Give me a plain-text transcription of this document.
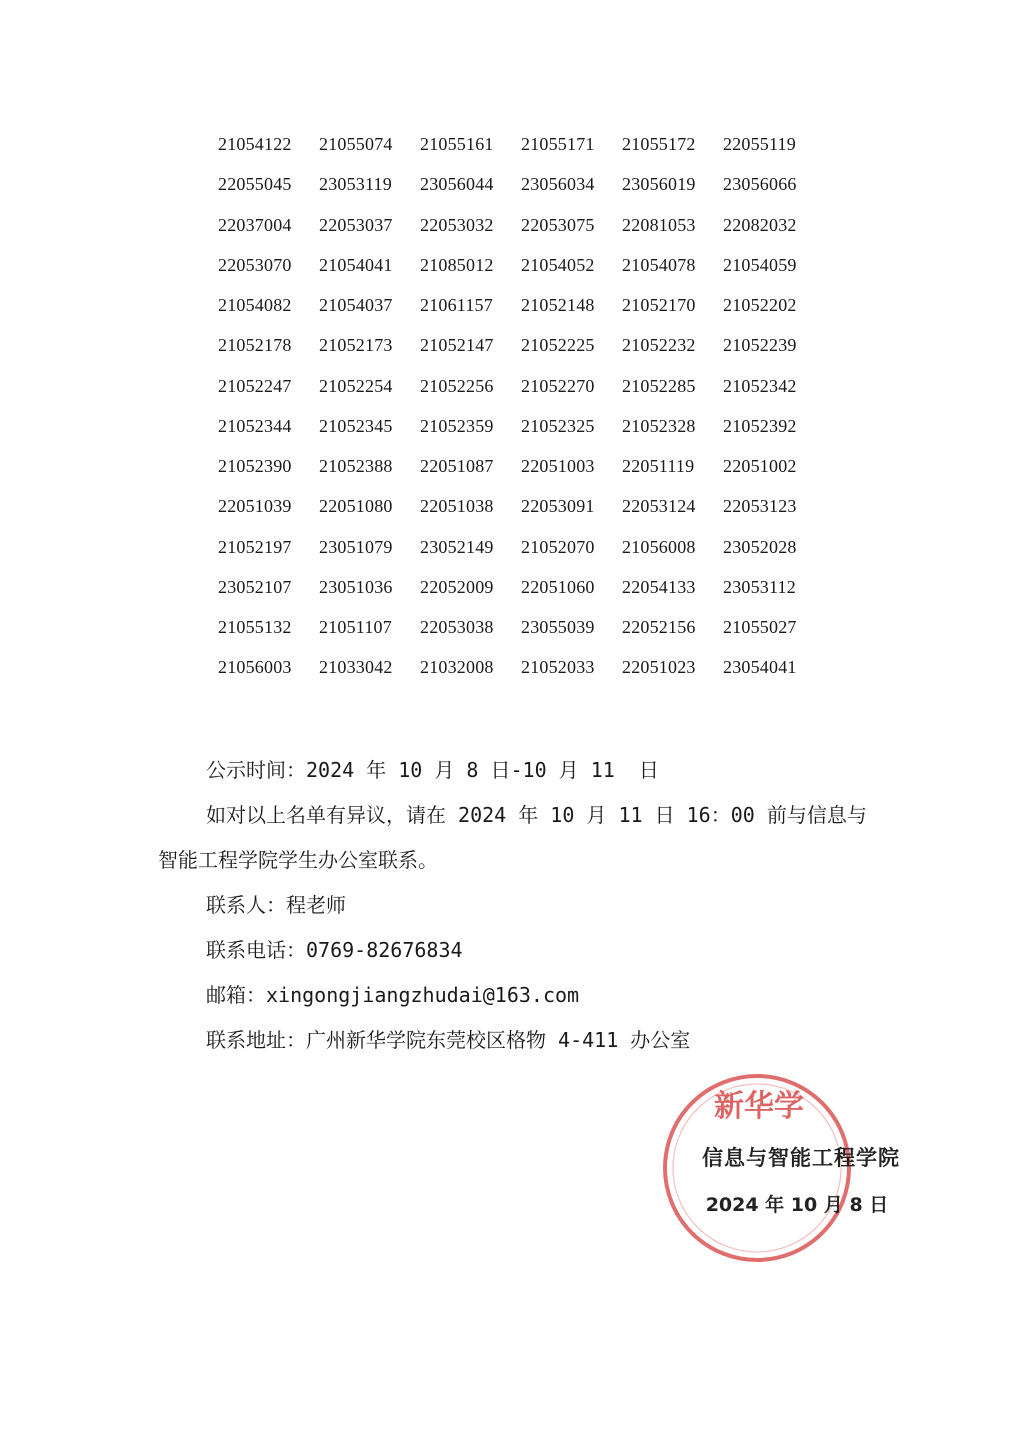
21054122	21055074	21055161	21055171	21055172	22055119
22055045	23053119	23056044	23056034	23056019	23056066
22037004	22053037	22053032	22053075	22081053	22082032
22053070	21054041	21085012	21054052	21054078	21054059
21054082	21054037	21061157	21052148	21052170	21052202
21052178	21052173	21052147	21052225	21052232	21052239
21052247	21052254	21052256	21052270	21052285	21052342
21052344	21052345	21052359	21052325	21052328	21052392
21052390	21052388	22051087	22051003	22051119	22051002
22051039	22051080	22051038	22053091	22053124	22053123
21052197	23051079	23052149	21052070	21056008	23052028
23052107	23051036	22052009	22051060	22054133	23053112
21055132	21051107	22053038	23055039	22052156	21055027
21056003	21033042	21032008	21052033	22051023	23054041

公示时间：2024 年 10 月 8 日-10 月 11  日

如对以上名单有异议，请在 2024 年 10 月 11 日 16：00 前与信息与智能工程学院学生办公室联系。

联系人：程老师

联系电话：0769-82676834

邮箱：xingongjiangzhudai@163.com

联系地址：广州新华学院东莞校区格物 4-411 办公室

新华学
信息与智能工程学院
2024 年 10 月 8 日
